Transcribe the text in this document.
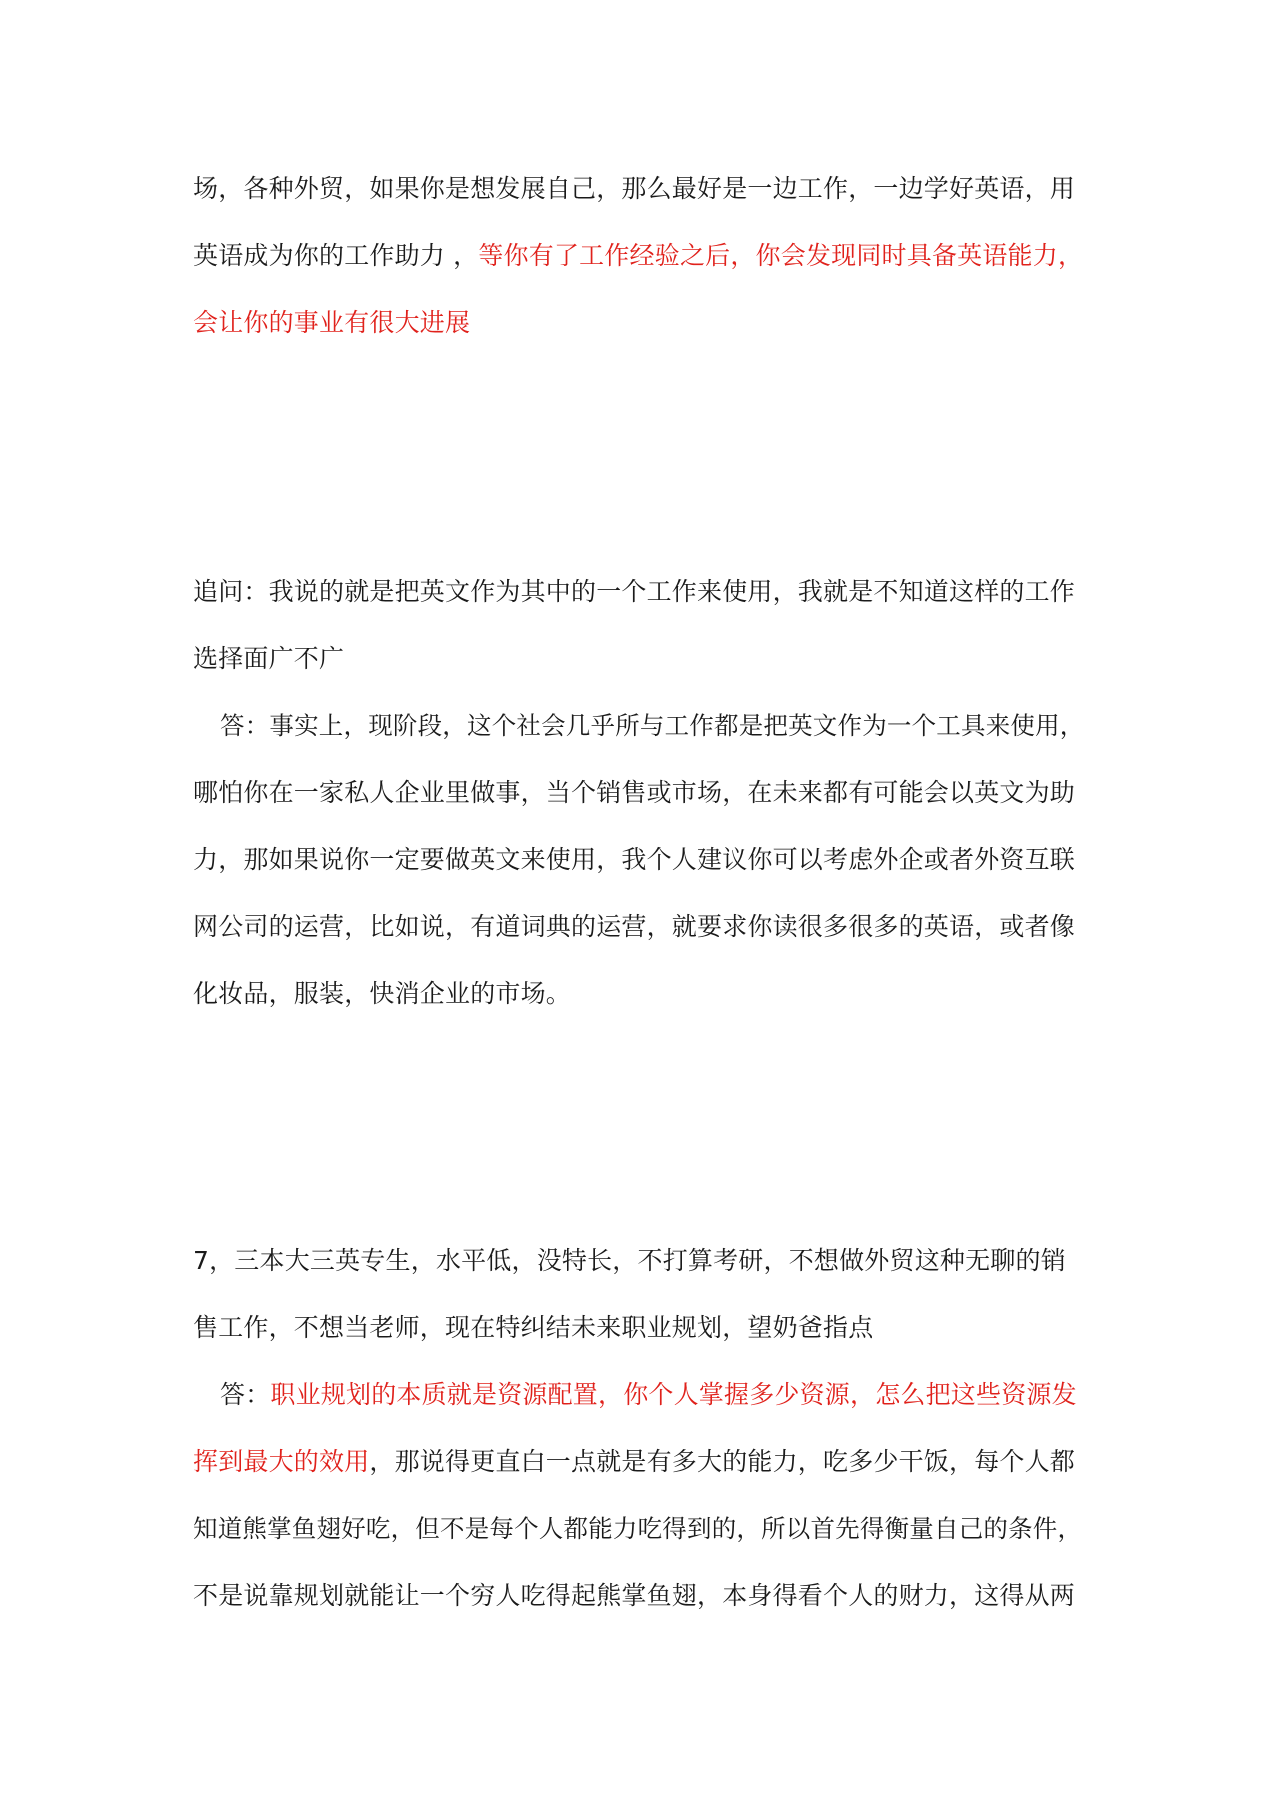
场，各种外贸，如果你是想发展自己，那么最好是一边工作，一边学好英语，用
英语成为你的工作助力 ，等你有了工作经验之后，你会发现同时具备英语能力，
会让你的事业有很大进展
追问：我说的就是把英文作为其中的一个工作来使用，我就是不知道这样的工作
选择面广不广
答：事实上，现阶段，这个社会几乎所与工作都是把英文作为一个工具来使用，
哪怕你在一家私人企业里做事，当个销售或市场，在未来都有可能会以英文为助
力，那如果说你一定要做英文来使用，我个人建议你可以考虑外企或者外资互联
网公司的运营，比如说，有道词典的运营，就要求你读很多很多的英语，或者像
化妆品，服装，快消企业的市场。
7，三本大三英专生，水平低，没特长，不打算考研，不想做外贸这种无聊的销
售工作，不想当老师，现在特纠结未来职业规划，望奶爸指点
答：职业规划的本质就是资源配置，你个人掌握多少资源，怎么把这些资源发
挥到最大的效用，那说得更直白一点就是有多大的能力，吃多少干饭，每个人都
知道熊掌鱼翅好吃，但不是每个人都能力吃得到的，所以首先得衡量自己的条件，
不是说靠规划就能让一个穷人吃得起熊掌鱼翅，本身得看个人的财力，这得从两
